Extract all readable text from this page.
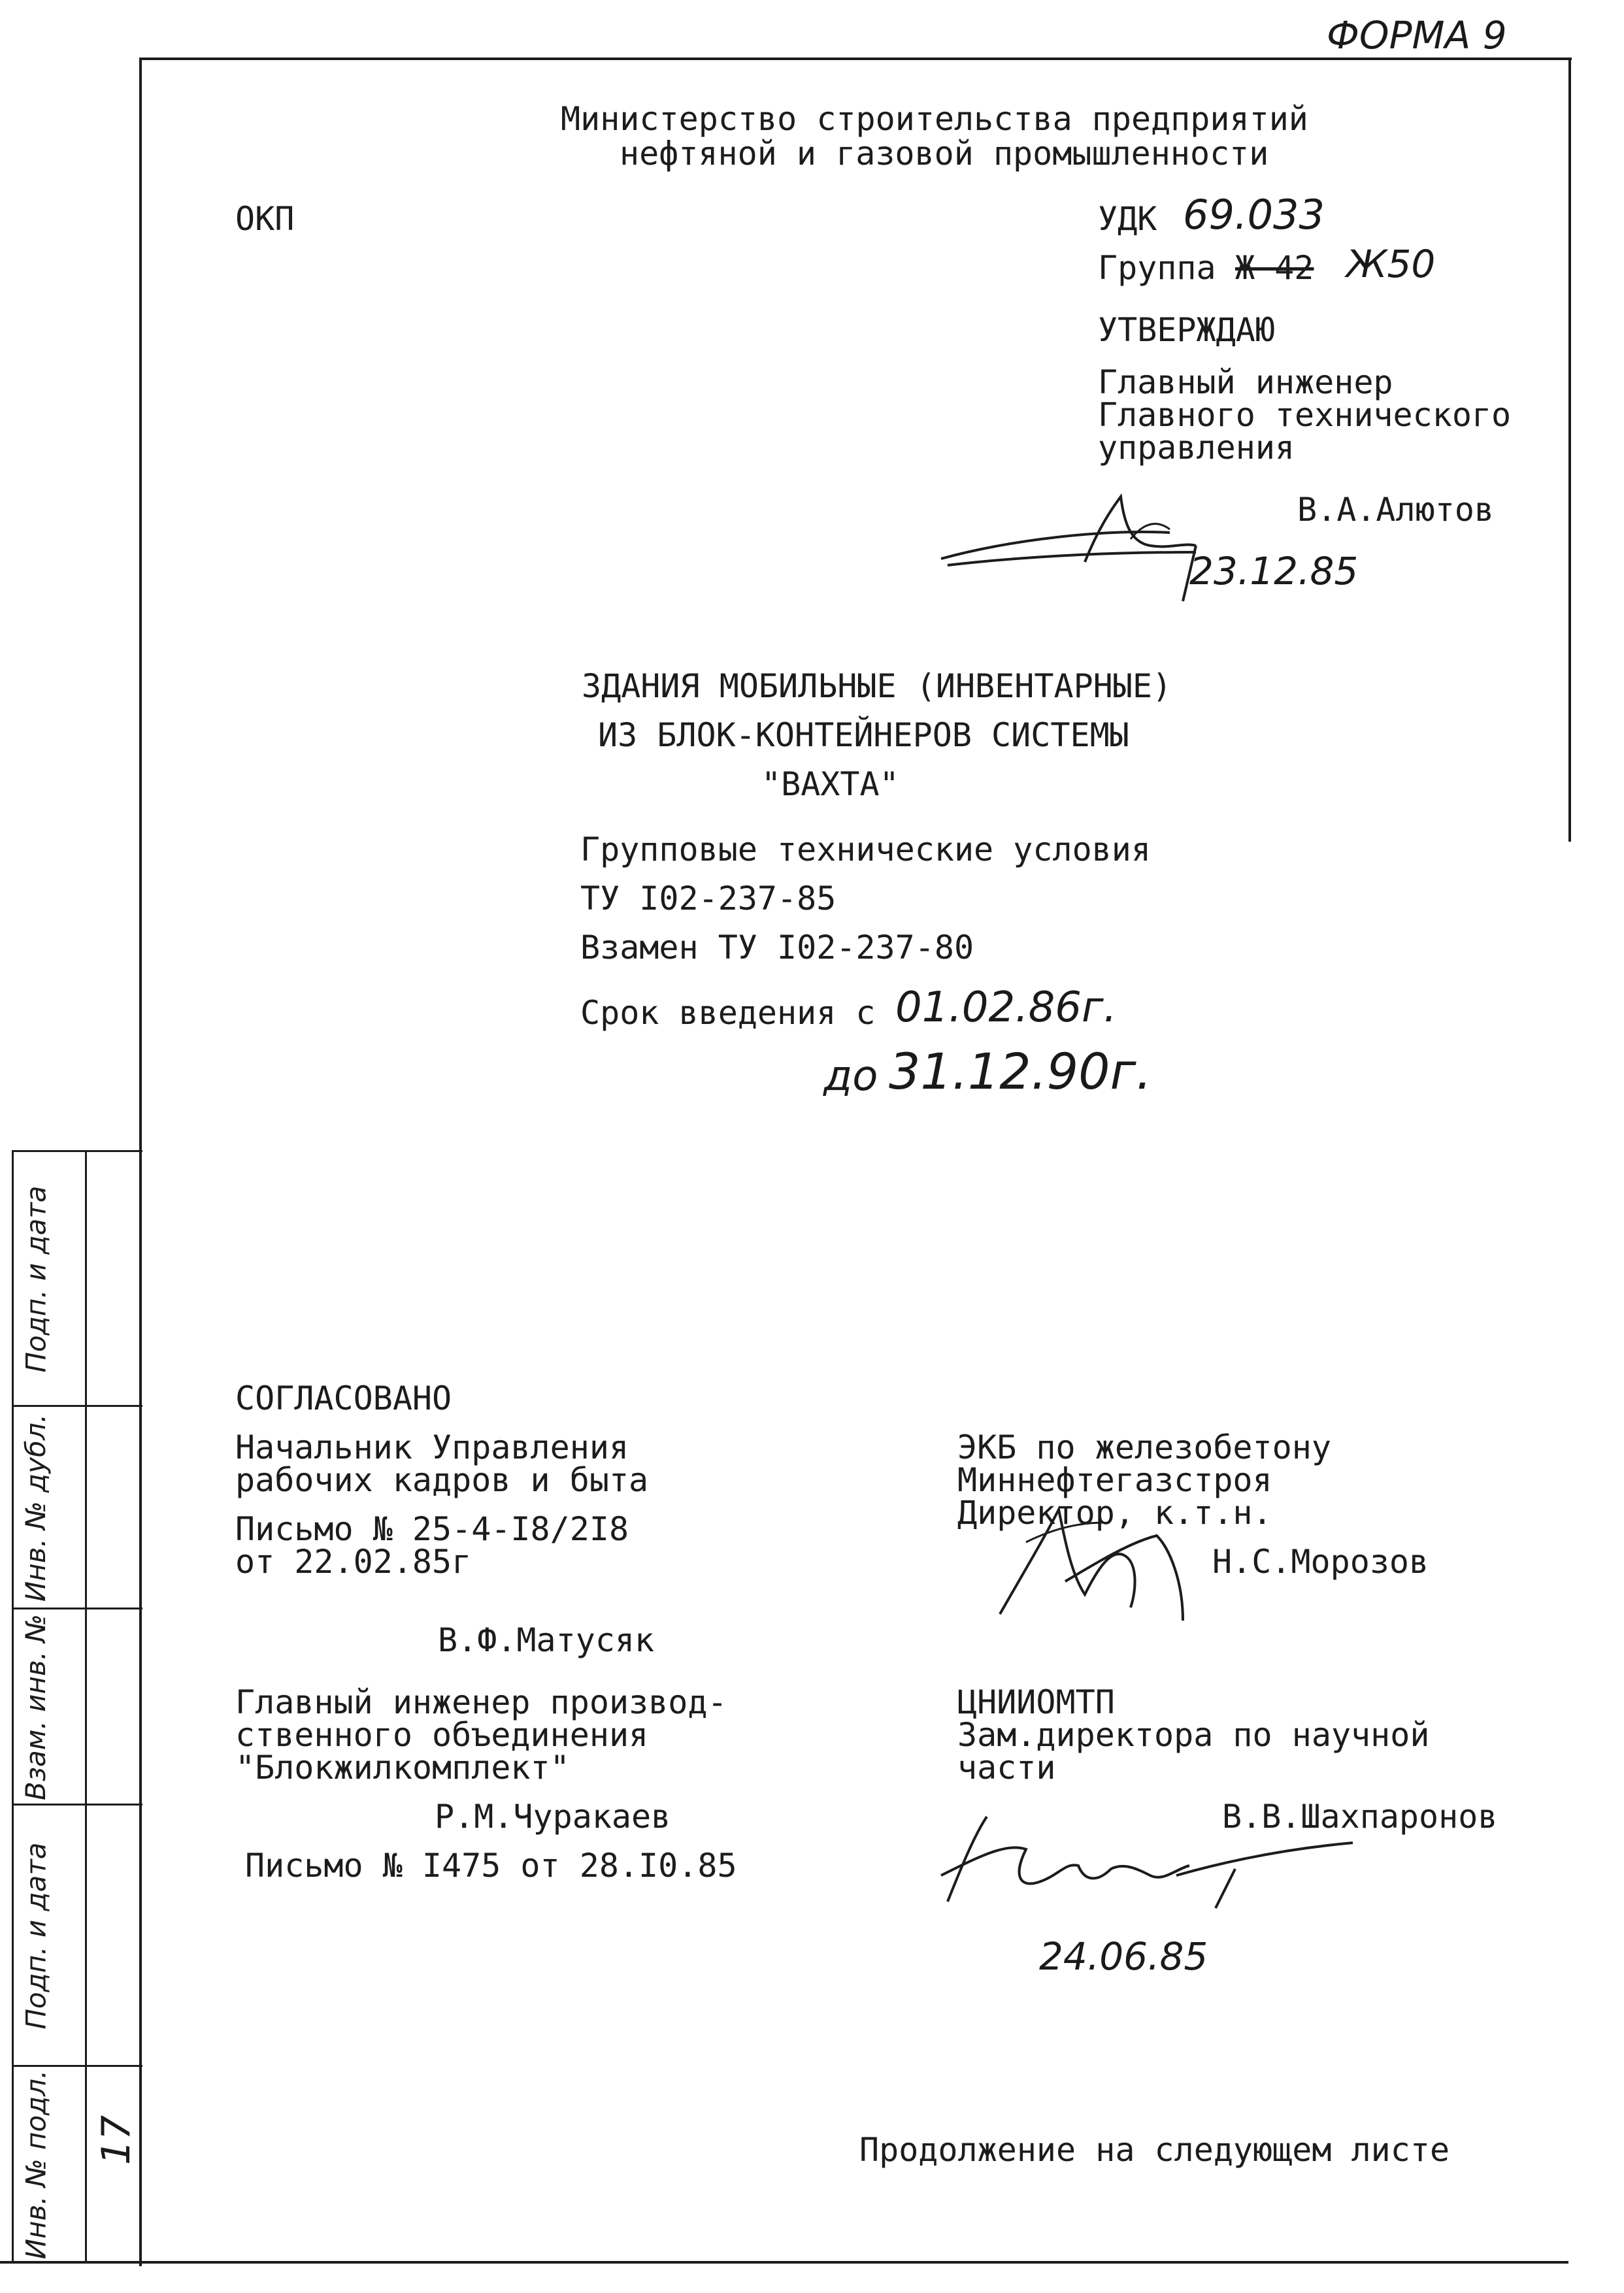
ФОРМА 9
Подп. и дата
Инв. № дубл.
Взам. инв. №
Подп. и дата
Инв. № подл. 17
Министерство строительства предприятий
нефтяной и газовой промышленности
ОКП	УДК 69.033
Группа Ж 42 Ж50
УТВЕРЖДАЮ
Главный инженер
Главного технического
управления
В.А.Алютов
23.12.85
ЗДАНИЯ МОБИЛЬНЫЕ (ИНВЕНТАРНЫЕ)
ИЗ БЛОК-КОНТЕЙНЕРОВ СИСТЕМЫ
"ВАХТА"
Групповые технические условия
ТУ I02-237-85
Взамен ТУ I02-237-80
Срок введения с 01.02.86г.
до 31.12.90г.
СОГЛАСОВАНО
Начальник Управления
рабочих кадров и быта
Письмо № 25-4-I8/2I8
от 22.02.85г
В.Ф.Матусяк
Главный инженер производ-
ственного объединения
"Блокжилкомплект"
Р.М.Чуракаев
Письмо № I475 от 28.I0.85
ЭКБ по железобетону
Миннефтегазстроя
Директор, к.т.н.
Н.С.Морозов
ЦНИИОМТП
Зам.директора по научной
части
В.В.Шахпаронов
24.06.85
Продолжение на следующем листе
